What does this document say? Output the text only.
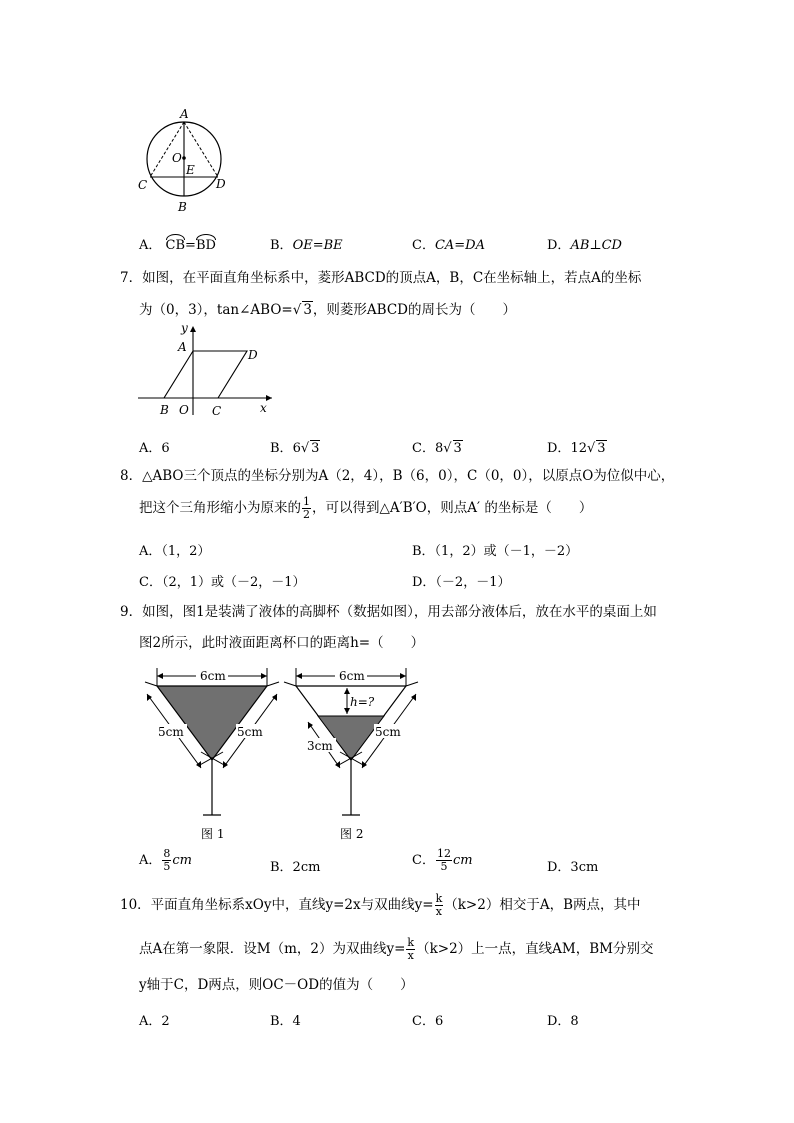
A
O
E
C	D
B
A． CB=BD	B．OE=BE	C．CA=DA	D．AB⊥CD
7．如图，在平面直角坐标系中，菱形ABCD的顶点A，B，C在坐标轴上，若点A的坐标
为（0，3），tan∠ABO=√ 3，则菱形ABCD的周长为（　　）
y
A
D
B O C	x
A．6	B．6√ 3	C．8√ 3	D．12√ 3
8．△ABO三个顶点的坐标分别为A（2，4），B（6，0），C（0，0），以原点O为位似中心，
把这个三角形缩小为原来的 $\frac{1}{2}$ ，可以得到△A′B′O，则点A′ 的坐标是（　　）
A．（1，2）	B．（1，2）或（－1，－2）
C．（2，1）或（－2，－1）	D．（－2，－1）
9．如图，图1是装满了液体的高脚杯（数据如图），用去部分液体后，放在水平的桌面上如
图2所示，此时液面距离杯口的距离h=（　　）
6cm
5cm	5cm
图 1
6cm
h=?
3cm
5cm
图 2
A． $\frac{8}{5}$ cm	B．2cm	C． $\frac{12}{5}$ cm	D．3cm
10．平面直角坐标系xOy中，直线y=2x与双曲线$y= \frac{k}{x} (k>2)$相交于A，B两点，其中
点A在第一象限．设M（m，2）为双曲线$y= \frac{k}{x} (k>2)$上一点，直线AM，BM分别交
y轴于C，D两点，则OC－OD的值为（　　）
A．2	B．4	C．6	D．8
